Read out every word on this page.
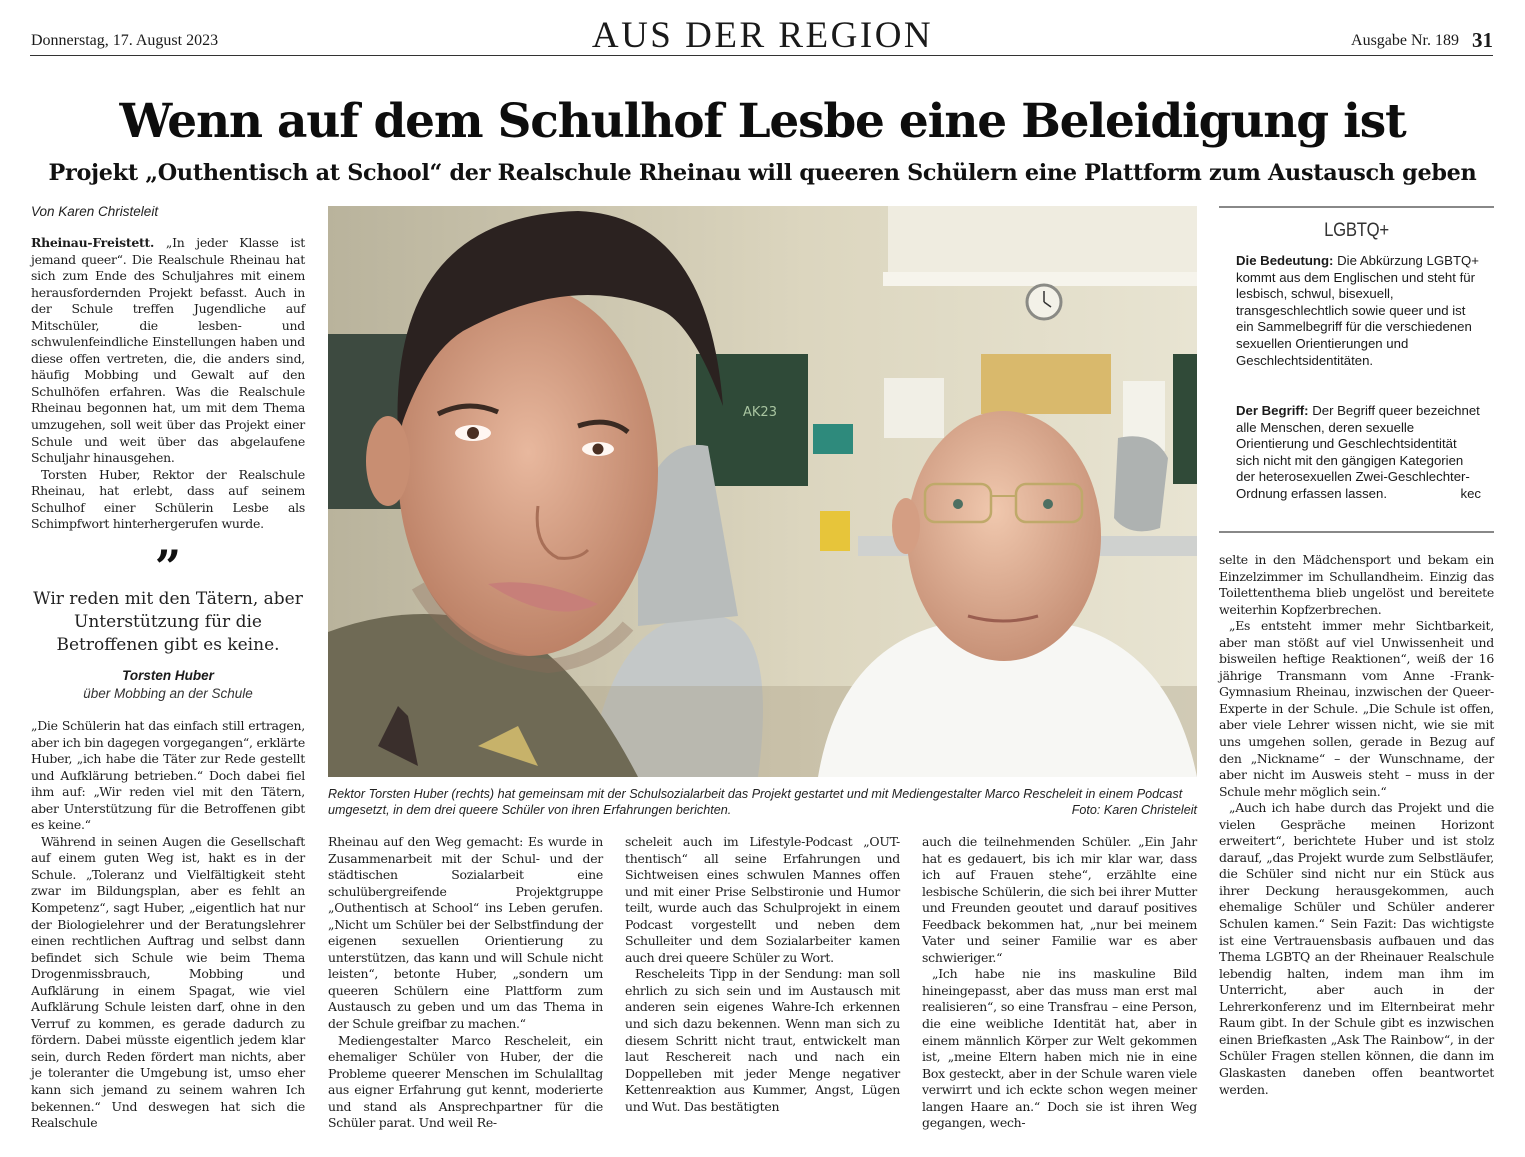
Donnerstag, 17. August 2023	AUS DER REGION	Ausgabe Nr. 189 31
Wenn auf dem Schulhof Lesbe eine Beleidigung ist
Projekt „Outhentisch at School“ der Realschule Rheinau will queeren Schülern eine Plattform zum Austausch geben
Von Karen Christeleit

Rheinau-Freistett. „In jeder Klasse ist jemand queer“. Die Realschule Rheinau hat sich zum Ende des Schuljahres mit einem herausfordernden Projekt befasst. Auch in der Schule treffen Jugendliche auf Mitschüler, die lesben- und schwulenfeindliche Einstellungen haben und diese offen vertreten, die, die anders sind, häufig Mobbing und Gewalt auf den Schulhöfen erfahren. Was die Realschule Rheinau begonnen hat, um mit dem Thema umzugehen, soll weit über das Projekt einer Schule und weit über das abgelaufene Schuljahr hinausgehen.

Torsten Huber, Rektor der Realschule Rheinau, hat erlebt, dass auf seinem Schulhof einer Schülerin Lesbe als Schimpfwort hinterhergerufen wurde.

”
Wir reden mit den Tätern, aber Unterstützung für die Betroffenen gibt es keine.
Torsten Huber
über Mobbing an der Schule

„Die Schülerin hat das einfach still ertragen, aber ich bin dagegen vorgegangen“, erklärte Huber, „ich habe die Täter zur Rede gestellt und Aufklärung betrieben.“ Doch dabei fiel ihm auf: „Wir reden viel mit den Tätern, aber Unterstützung für die Betroffenen gibt es keine.“

Während in seinen Augen die Gesellschaft auf einem guten Weg ist, hakt es in der Schule. „Toleranz und Vielfältigkeit steht zwar im Bildungsplan, aber es fehlt an Kompetenz“, sagt Huber, „eigentlich hat nur der Biologielehrer und der Beratungslehrer einen rechtlichen Auftrag und selbst dann befindet sich Schule wie beim Thema Drogenmissbrauch, Mobbing und Aufklärung in einem Spagat, wie viel Aufklärung Schule leisten darf, ohne in den Verruf zu kommen, es gerade dadurch zu fördern. Dabei müsste eigentlich jedem klar sein, durch Reden fördert man nichts, aber je toleranter die Umgebung ist, umso eher kann sich jemand zu seinem wahren Ich bekennen.“ Und deswegen hat sich die Realschule

AK23
Rektor Torsten Huber (rechts) hat gemeinsam mit der Schulsozialarbeit das Projekt gestartet und mit Mediengestalter Marco Rescheleit in einem Podcast umgesetzt, in dem drei queere Schüler von ihren Erfahrungen berichten.	Foto: Karen Christeleit

Rheinau auf den Weg gemacht: Es wurde in Zusammenarbeit mit der Schul- und der städtischen Sozialarbeit eine schulübergreifende Projektgruppe „Outhentisch at School“ ins Leben gerufen. „Nicht um Schüler bei der Selbstfindung der eigenen sexuellen Orientierung zu unterstützen, das kann und will Schule nicht leisten“, betonte Huber, „sondern um queeren Schülern eine Plattform zum Austausch zu geben und um das Thema in der Schule greifbar zu machen.“

Mediengestalter Marco Rescheleit, ein ehemaliger Schüler von Huber, der die Probleme queerer Menschen im Schulalltag aus eigner Erfahrung gut kennt, moderierte und stand als Ansprechpartner für die Schüler parat. Und weil Re-

scheleit auch im Lifestyle-Podcast „OUT-thentisch“ all seine Erfahrungen und Sichtweisen eines schwulen Mannes offen und mit einer Prise Selbstironie und Humor teilt, wurde auch das Schulprojekt in einem Podcast vorgestellt und neben dem Schulleiter und dem Sozialarbeiter kamen auch drei queere Schüler zu Wort.

Rescheleits Tipp in der Sendung: man soll ehrlich zu sich sein und im Austausch mit anderen sein eigenes Wahre-Ich erkennen und sich dazu bekennen. Wenn man sich zu diesem Schritt nicht traut, entwickelt man laut Reschereit nach und nach ein Doppelleben mit jeder Menge negativer Kettenreaktion aus Kummer, Angst, Lügen und Wut. Das bestätigten

auch die teilnehmenden Schüler. „Ein Jahr hat es gedauert, bis ich mir klar war, dass ich auf Frauen stehe“, erzählte eine lesbische Schülerin, die sich bei ihrer Mutter und Freunden geoutet und darauf positives Feedback bekommen hat, „nur bei meinem Vater und seiner Familie war es aber schwieriger.“

„Ich habe nie ins maskuline Bild hineingepasst, aber das muss man erst mal realisieren“, so eine Transfrau – eine Person, die eine weibliche Identität hat, aber in einem männlich Körper zur Welt gekommen ist, „meine Eltern haben mich nie in eine Box gesteckt, aber in der Schule waren viele verwirrt und ich eckte schon wegen meiner langen Haare an.“ Doch sie ist ihren Weg gegangen, wech-

LGBTQ+
Die Bedeutung: Die Abkürzung LGBTQ+ kommt aus dem Englischen und steht für lesbisch, schwul, bisexuell, transgeschlechtlich sowie queer und ist ein Sammelbegriff für die verschiedenen sexuellen Orientierungen und Geschlechtsidentitäten.
Der Begriff: Der Begriff queer bezeichnet alle Menschen, deren sexuelle Orientierung und Geschlechtsidentität sich nicht mit den gängigen Kategorien der heterosexuellen Zwei-Geschlechter-Ordnung erfassen lassen.	kec

selte in den Mädchensport und bekam ein Einzelzimmer im Schullandheim. Einzig das Toilettenthema blieb ungelöst und bereitete weiterhin Kopfzerbrechen.

„Es entsteht immer mehr Sichtbarkeit, aber man stößt auf viel Unwissenheit und bisweilen heftige Reaktionen“, weiß der 16 jährige Transmann vom Anne -Frank-Gymnasium Rheinau, inzwischen der Queer-Experte in der Schule. „Die Schule ist offen, aber viele Lehrer wissen nicht, wie sie mit uns umgehen sollen, gerade in Bezug auf den „Nickname“ – der Wunschname, der aber nicht im Ausweis steht – muss in der Schule mehr möglich sein.“

„Auch ich habe durch das Projekt und die vielen Gespräche meinen Horizont erweitert“, berichtete Huber und ist stolz darauf, „das Projekt wurde zum Selbstläufer, die Schüler sind nicht nur ein Stück aus ihrer Deckung herausgekommen, auch ehemalige Schüler und Schüler anderer Schulen kamen.“ Sein Fazit: Das wichtigste ist eine Vertrauensbasis aufbauen und das Thema LGBTQ an der Rheinauer Realschule lebendig halten, indem man ihm im Unterricht, aber auch in der Lehrerkonferenz und im Elternbeirat mehr Raum gibt. In der Schule gibt es inzwischen einen Briefkasten „Ask The Rainbow“, in der Schüler Fragen stellen können, die dann im Glaskasten daneben offen beantwortet werden.
